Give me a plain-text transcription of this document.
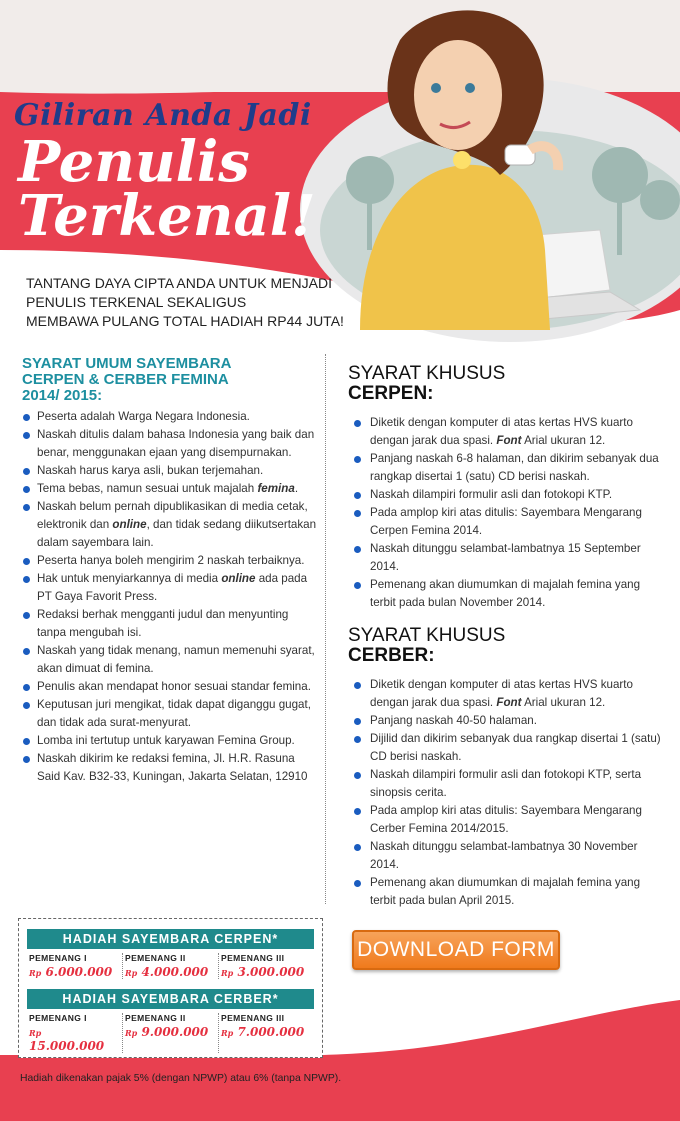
Giliran Anda Jadi
Penulis
Terkenal!
TANTANG DAYA CIPTA ANDA UNTUK MENJADI
PENULIS TERKENAL SEKALIGUS
MEMBAWA PULANG TOTAL HADIAH RP44 JUTA!
SYARAT UMUM SAYEMBARA
CERPEN & CERBER FEMINA
2014/ 2015:
Peserta adalah Warga Negara Indonesia.
Naskah ditulis dalam bahasa Indonesia yang baik dan benar, menggunakan ejaan yang disempurnakan.
Naskah harus karya asli, bukan terjemahan.
Tema bebas, namun sesuai untuk majalah femina.
Naskah belum pernah dipublikasikan di media cetak, elektronik dan online, dan tidak sedang diikutsertakan dalam sayembara lain.
Peserta hanya boleh mengirim 2 naskah terbaiknya.
Hak untuk menyiarkannya di media online ada pada PT Gaya Favorit Press.
Redaksi berhak mengganti judul dan menyunting tanpa mengubah isi.
Naskah yang tidak menang, namun memenuhi syarat, akan dimuat di femina.
Penulis akan mendapat honor sesuai standar femina.
Keputusan juri mengikat, tidak dapat diganggu gugat, dan tidak ada surat-menyurat.
Lomba ini tertutup untuk karyawan Femina Group.
Naskah dikirim ke redaksi femina, Jl. H.R. Rasuna Said Kav. B32-33, Kuningan, Jakarta Selatan, 12910
SYARAT KHUSUS
CERPEN:
Diketik dengan komputer di atas kertas HVS kuarto dengan jarak dua spasi. Font Arial ukuran 12.
Panjang naskah 6-8 halaman, dan dikirim sebanyak dua rangkap disertai 1 (satu) CD berisi naskah.
Naskah dilampiri formulir asli dan fotokopi KTP.
Pada amplop kiri atas ditulis: Sayembara Mengarang Cerpen Femina 2014.
Naskah ditunggu selambat-lambatnya 15 September 2014.
Pemenang akan diumumkan di majalah femina yang terbit pada bulan November 2014.
SYARAT KHUSUS
CERBER:
Diketik dengan komputer di atas kertas HVS kuarto dengan jarak dua spasi. Font Arial ukuran 12.
Panjang naskah 40-50 halaman.
Dijilid dan dikirim sebanyak dua rangkap disertai 1 (satu) CD berisi naskah.
Naskah dilampiri formulir asli dan fotokopi KTP, serta sinopsis cerita.
Pada amplop kiri atas ditulis: Sayembara Mengarang Cerber Femina 2014/2015.
Naskah ditunggu selambat-lambatnya 30 November 2014.
Pemenang akan diumumkan di majalah femina yang terbit pada bulan April 2015.
HADIAH SAYEMBARA CERPEN*
PEMENANG I
Rp 6.000.000
PEMENANG II
Rp 4.000.000
PEMENANG III
Rp 3.000.000
HADIAH SAYEMBARA CERBER*
PEMENANG I
Rp 15.000.000
PEMENANG II
Rp 9.000.000
PEMENANG III
Rp 7.000.000
DOWNLOAD FORM
Hadiah dikenakan pajak 5% (dengan NPWP) atau 6% (tanpa NPWP).
